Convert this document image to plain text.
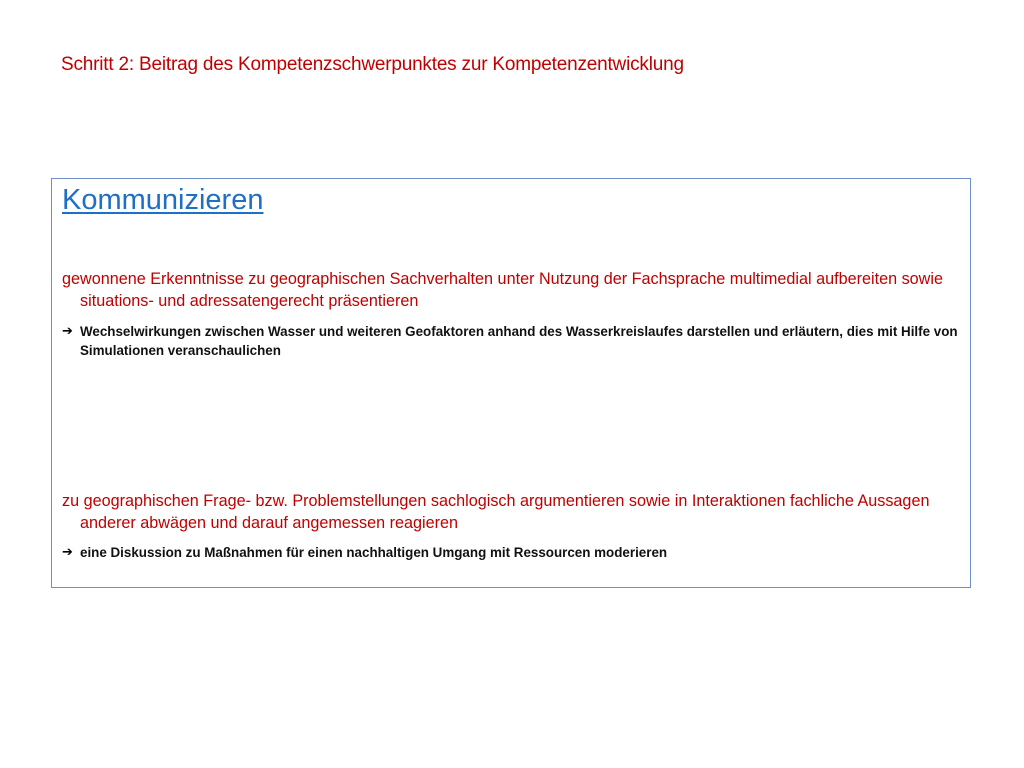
Schritt 2: Beitrag des Kompetenzschwerpunktes zur Kompetenzentwicklung
Kommunizieren
gewonnene Erkenntnisse zu geographischen Sachverhalten unter Nutzung der Fachsprache multimedial aufbereiten sowie situations- und adressatengerecht präsentieren
➔ Wechselwirkungen zwischen Wasser und weiteren Geofaktoren anhand des Wasserkreislaufes darstellen und erläutern, dies mit Hilfe von Simulationen veranschaulichen
zu geographischen Frage- bzw. Problemstellungen sachlogisch argumentieren sowie in Interaktionen fachliche Aussagen anderer abwägen und darauf angemessen reagieren
➔ eine Diskussion zu Maßnahmen für einen nachhaltigen Umgang mit Ressourcen moderieren
